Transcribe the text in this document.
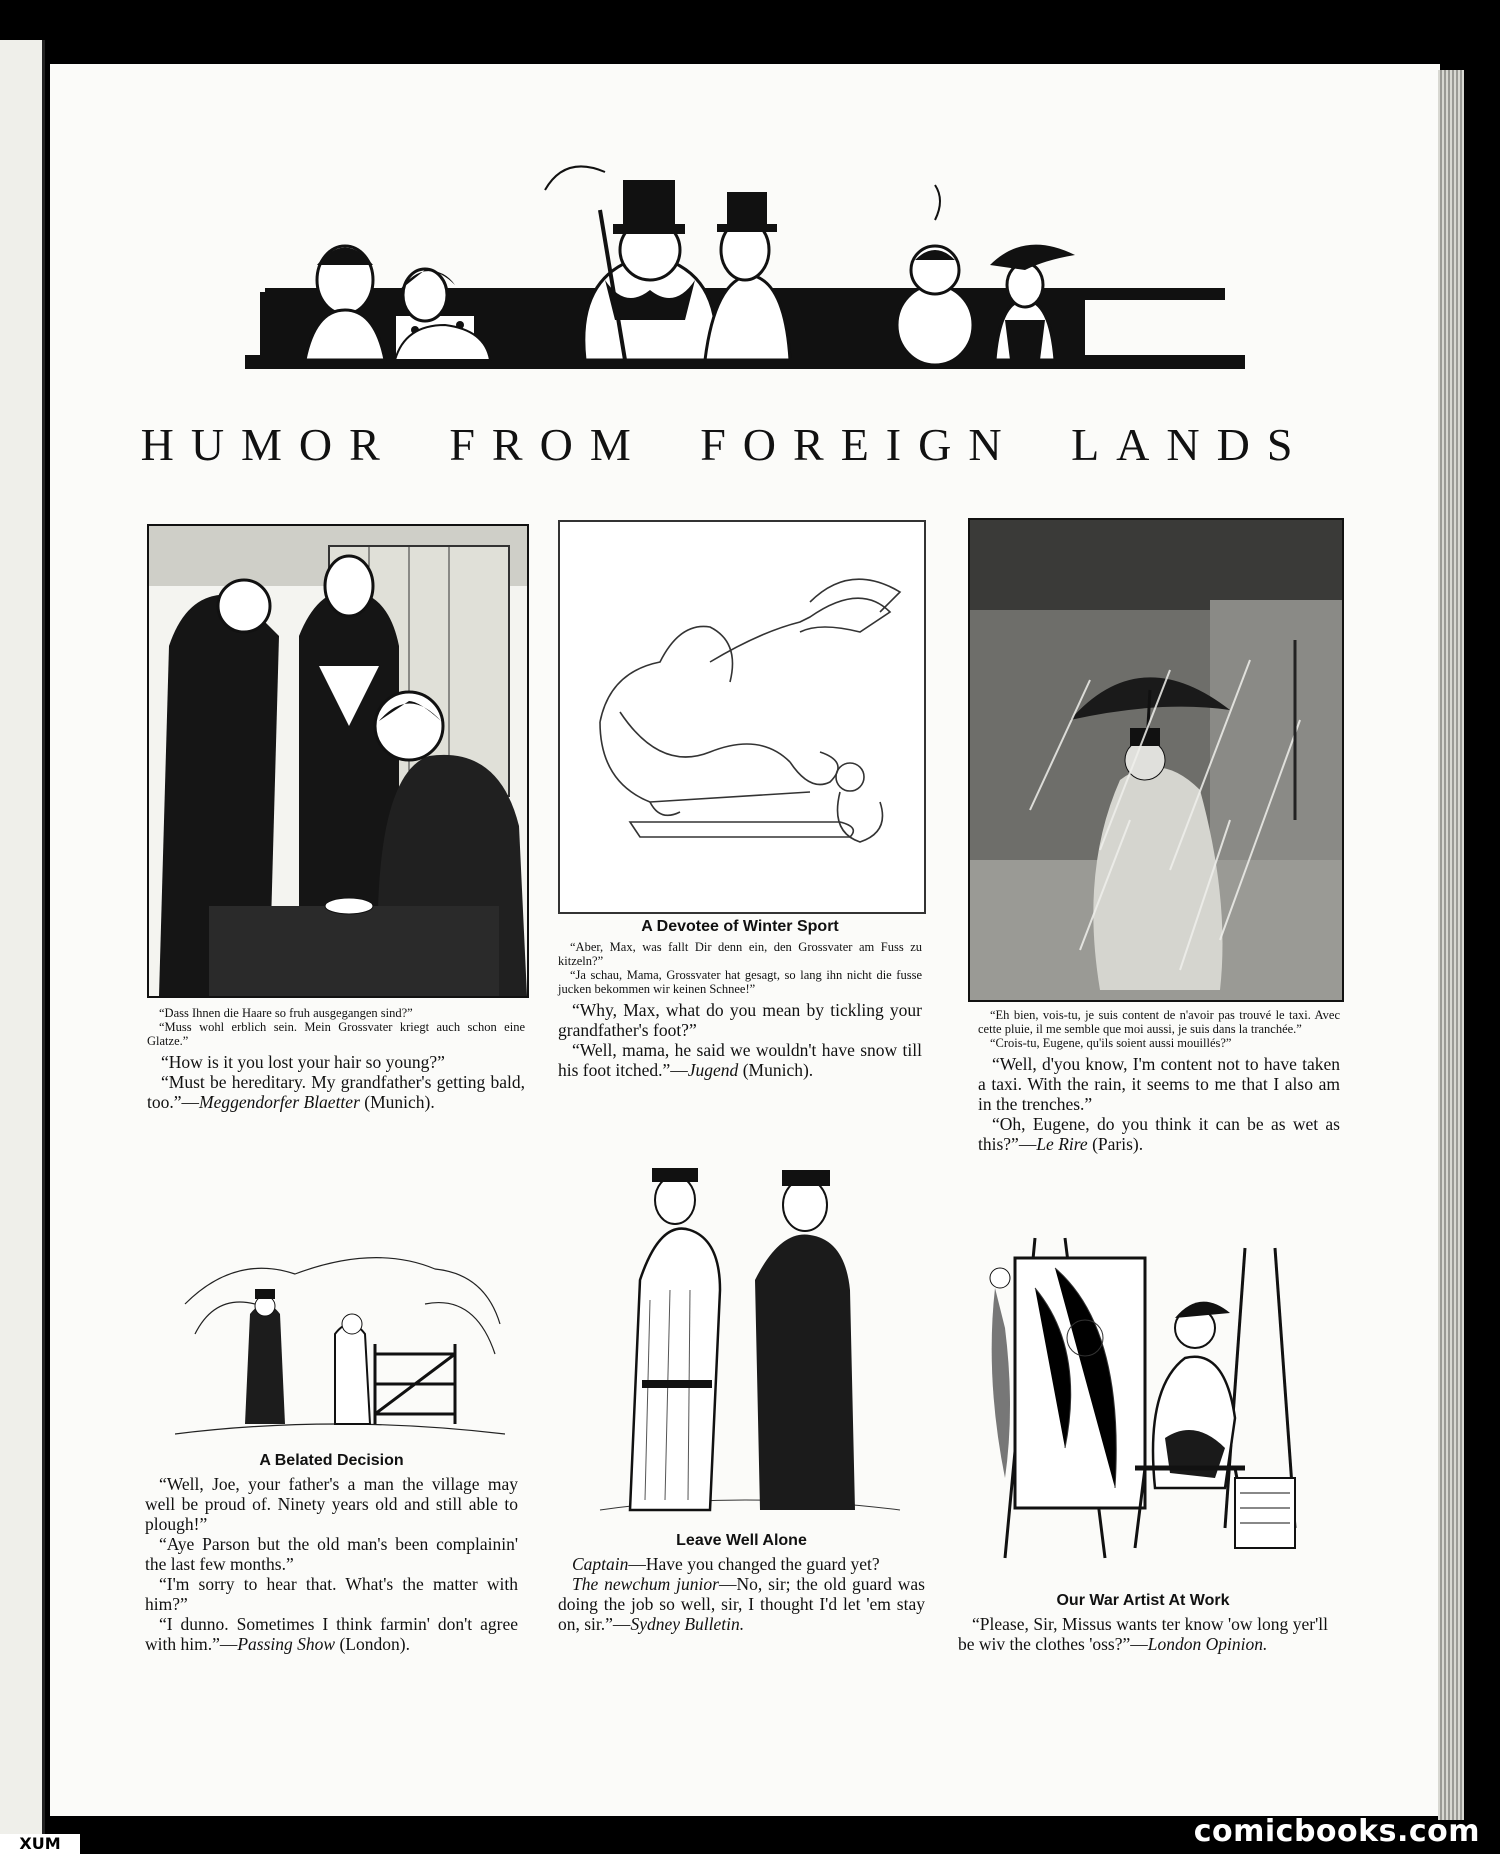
HUMOR FROM FOREIGN LANDS

“Dass Ihnen die Haare so fruh ausgegangen sind?”

“Muss wohl erblich sein. Mein Grossvater kriegt auch schon eine Glatze.”

“How is it you lost your hair so young?”

“Must be hereditary. My grandfather's getting bald, too.”—Meggendorfer Blaetter (Munich).

A Devotee of Winter Sport

“Aber, Max, was fallt Dir denn ein, den Grossvater am Fuss zu kitzeln?”

“Ja schau, Mama, Grossvater hat gesagt, so lang ihn nicht die fusse jucken bekommen wir keinen Schnee!”

“Why, Max, what do you mean by tickling your grandfather's foot?”

“Well, mama, he said we wouldn't have snow till his foot itched.”—Jugend (Munich).

“Eh bien, vois-tu, je suis content de n'avoir pas trouvé le taxi. Avec cette pluie, il me semble que moi aussi, je suis dans la tranchée.”

“Crois-tu, Eugene, qu'ils soient aussi mouillés?”

“Well, d'you know, I'm content not to have taken a taxi. With the rain, it seems to me that I also am in the trenches.”

“Oh, Eugene, do you think it can be as wet as this?”—Le Rire (Paris).

A Belated Decision

“Well, Joe, your father's a man the village may well be proud of. Ninety years old and still able to plough!”

“Aye Parson but the old man's been complainin' the last few months.”

“I'm sorry to hear that. What's the matter with him?”

“I dunno. Sometimes I think farmin' don't agree with him.”—Passing Show (London).

Leave Well Alone

Captain—Have you changed the guard yet?

The newchum junior—No, sir; the old guard was doing the job so well, sir, I thought I'd let 'em stay on, sir.”—Sydney Bulletin.

Our War Artist At Work

“Please, Sir, Missus wants ter know 'ow long yer'll be wiv the clothes 'oss?”—London Opinion.

comicbooks.com
XUM
